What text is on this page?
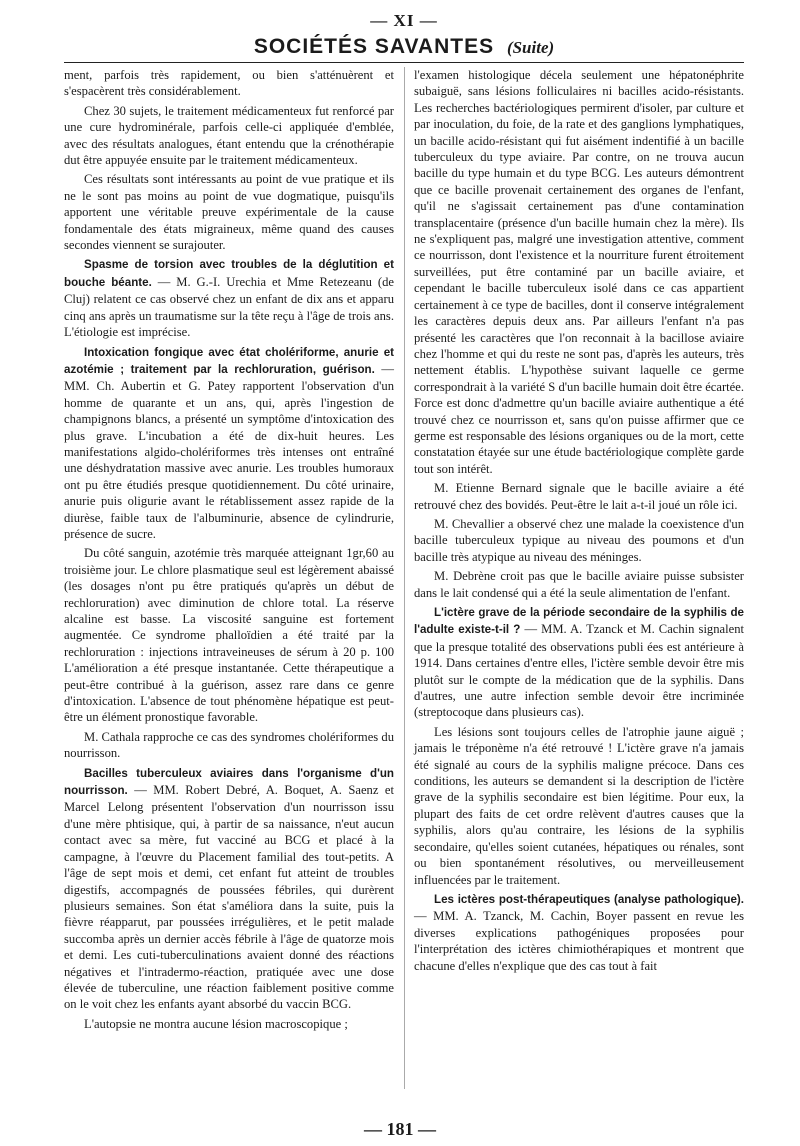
— XI —
SOCIÉTÉS SAVANTES (Suite)

ment, parfois très rapidement, ou bien s'atténuèrent et s'espacèrent très considérablement.

Chez 30 sujets, le traitement médicamenteux fut renforcé par une cure hydrominérale, parfois celle-ci appliquée d'emblée, avec des résultats analogues, étant entendu que la crénothérapie dut être appuyée ensuite par le traitement médicamenteux.

Ces résultats sont intéressants au point de vue pratique et ils ne le sont pas moins au point de vue dogmatique, puisqu'ils apportent une véritable preuve expérimentale de la cause fondamentale des états migraineux, même quand des causes secondes viennent se surajouter.

Spasme de torsion avec troubles de la déglutition et bouche béante. — M. G.-I. Urechia et Mme Retezeanu (de Cluj) relatent ce cas observé chez un enfant de dix ans et apparu cinq ans après un traumatisme sur la tête reçu à l'âge de trois ans. L'étiologie est imprécise.

Intoxication fongique avec état cholériforme, anurie et azotémie ; traitement par la rechloruration, guérison. — MM. Ch. Aubertin et G. Patey rapportent l'observation d'un homme de quarante et un ans, qui, après l'ingestion de champignons blancs, a présenté un symptôme d'intoxication des plus grave. L'incubation a été de dix-huit heures. Les manifestations algido-cholériformes très intenses ont entraîné une déshydratation massive avec anurie. Les troubles humoraux ont pu être étudiés presque quotidiennement. Du côté urinaire, anurie puis oligurie avant le rétablissement assez rapide de la diurèse, faible taux de l'albuminurie, absence de cylindrurie, présence de sucre.

Du côté sanguin, azotémie très marquée atteignant 1gr,60 au troisième jour. Le chlore plasmatique seul est légèrement abaissé (les dosages n'ont pu être pratiqués qu'après un début de rechloruration) avec diminution de chlore total. La réserve alcaline est basse. La viscosité sanguine est fortement augmentée. Ce syndrome phalloïdien a été traité par la rechloruration : injections intraveineuses de sérum à 20 p. 100 L'amélioration a été presque instantanée. Cette thérapeutique a peut-être contribué à la guérison, assez rare dans ce genre d'intoxication. L'absence de tout phénomène hépatique est peut-être un élément pronostique favorable.

M. Cathala rapproche ce cas des syndromes cholériformes du nourrisson.

Bacilles tuberculeux aviaires dans l'organisme d'un nourrisson. — MM. Robert Debré, A. Boquet, A. Saenz et Marcel Lelong présentent l'observation d'un nourrisson issu d'une mère phtisique, qui, à partir de sa naissance, n'eut aucun contact avec sa mère, fut vacciné au BCG et placé à la campagne, à l'œuvre du Placement familial des tout-petits. A l'âge de sept mois et demi, cet enfant fut atteint de troubles digestifs, accompagnés de poussées fébriles, qui durèrent plusieurs semaines. Son état s'améliora dans la suite, puis la fièvre réapparut, par poussées irrégulières, et le petit malade succomba après un dernier accès fébrile à l'âge de quatorze mois et demi. Les cuti-tuberculinations avaient donné des réactions négatives et l'intradermo-réaction, pratiquée avec une dose élevée de tuberculine, une réaction faiblement positive comme on le voit chez les enfants ayant absorbé du vaccin BCG.

L'autopsie ne montra aucune lésion macroscopique ;

l'examen histologique décela seulement une hépatonéphrite subaiguë, sans lésions folliculaires ni bacilles acido-résistants. Les recherches bactériologiques permirent d'isoler, par culture et par inoculation, du foie, de la rate et des ganglions lymphatiques, un bacille acido-résistant qui fut aisément indentifié à un bacille tuberculeux du type aviaire. Par contre, on ne trouva aucun bacille du type humain et du type BCG. Les auteurs démontrent que ce bacille provenait certainement des organes de l'enfant, qu'il ne s'agissait certainement pas d'une contamination transplacentaire (présence d'un bacille humain chez la mère). Ils ne s'expliquent pas, malgré une investigation attentive, comment ce nourrisson, dont l'existence et la nourriture furent étroitement surveillées, put être contaminé par un bacille aviaire, et cependant le bacille tuberculeux isolé dans ce cas appartient certainement à ce type de bacilles, dont il conserve intégralement les caractères depuis deux ans. Par ailleurs l'enfant n'a pas présenté les caractères que l'on reconnait à la bacillose aviaire chez l'homme et qui du reste ne sont pas, d'après les auteurs, très nettement établis. L'hypothèse suivant laquelle ce germe correspondrait à la variété S d'un bacille humain doit être écartée. Force est donc d'admettre qu'un bacille aviaire authentique a été trouvé chez ce nourrisson et, sans qu'on puisse affirmer que ce germe est responsable des lésions organiques ou de la mort, cette constatation étayée sur une étude bactériologique complète garde tout son intérêt.

M. Etienne Bernard signale que le bacille aviaire a été retrouvé chez des bovidés. Peut-être le lait a-t-il joué un rôle ici.

M. Chevallier a observé chez une malade la coexistence d'un bacille tuberculeux typique au niveau des poumons et d'un bacille très atypique au niveau des méninges.

M. Debrène croit pas que le bacille aviaire puisse subsister dans le lait condensé qui a été la seule alimentation de l'enfant.

L'ictère grave de la période secondaire de la syphilis de l'adulte existe-t-il ? — MM. A. Tzanck et M. Cachin signalent que la presque totalité des observations publi ées est antérieure à 1914. Dans certaines d'entre elles, l'ictère semble devoir être mis plutôt sur le compte de la médication que de la syphilis. Dans d'autres, une autre infection semble devoir être incriminée (streptocoque dans plusieurs cas).

Les lésions sont toujours celles de l'atrophie jaune aiguë ; jamais le tréponème n'a été retrouvé ! L'ictère grave n'a jamais été signalé au cours de la syphilis maligne précoce. Dans ces conditions, les auteurs se demandent si la description de l'ictère grave de la syphilis secondaire est bien légitime. Pour eux, la plupart des faits de cet ordre relèvent d'autres causes que la syphilis, alors qu'au contraire, les lésions de la syphilis secondaire, qu'elles soient cutanées, hépatiques ou rénales, sont ou bien spontanément résolutives, ou merveilleusement influencées par le traitement.

Les ictères post-thérapeutiques (analyse pathologique). — MM. A. Tzanck, M. Cachin, Boyer passent en revue les diverses explications pathogéniques proposées pour l'interprétation des ictères chimiothérapiques et montrent que chacune d'elles n'explique que des cas tout à fait

— 181 —
